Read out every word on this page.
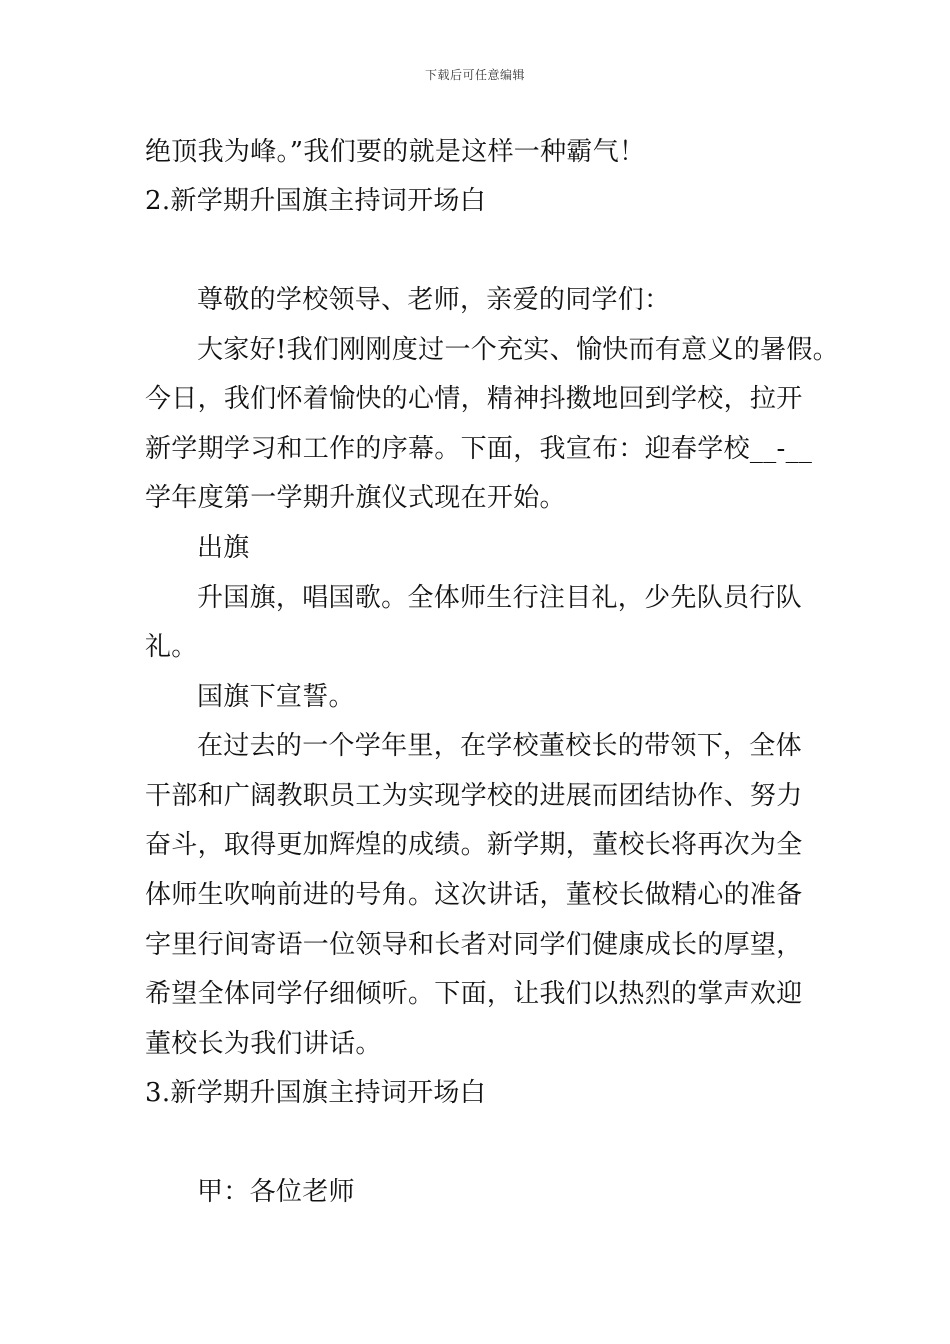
下载后可任意编辑
绝顶我为峰。”我们要的就是这样一种霸气！
2.新学期升国旗主持词开场白
尊敬的学校领导、老师，亲爱的同学们：
大家好!我们刚刚度过一个充实、愉快而有意义的暑假。
今日，我们怀着愉快的心情，精神抖擞地回到学校，拉开
新学期学习和工作的序幕。下面，我宣布：迎春学校__-__
学年度第一学期升旗仪式现在开始。
出旗
升国旗，唱国歌。全体师生行注目礼，少先队员行队
礼。
国旗下宣誓。
在过去的一个学年里，在学校董校长的带领下，全体
干部和广阔教职员工为实现学校的进展而团结协作、努力
奋斗，取得更加辉煌的成绩。新学期，董校长将再次为全
体师生吹响前进的号角。这次讲话，董校长做精心的准备
字里行间寄语一位领导和长者对同学们健康成长的厚望，
希望全体同学仔细倾听。下面，让我们以热烈的掌声欢迎
董校长为我们讲话。
3.新学期升国旗主持词开场白
甲：各位老师
